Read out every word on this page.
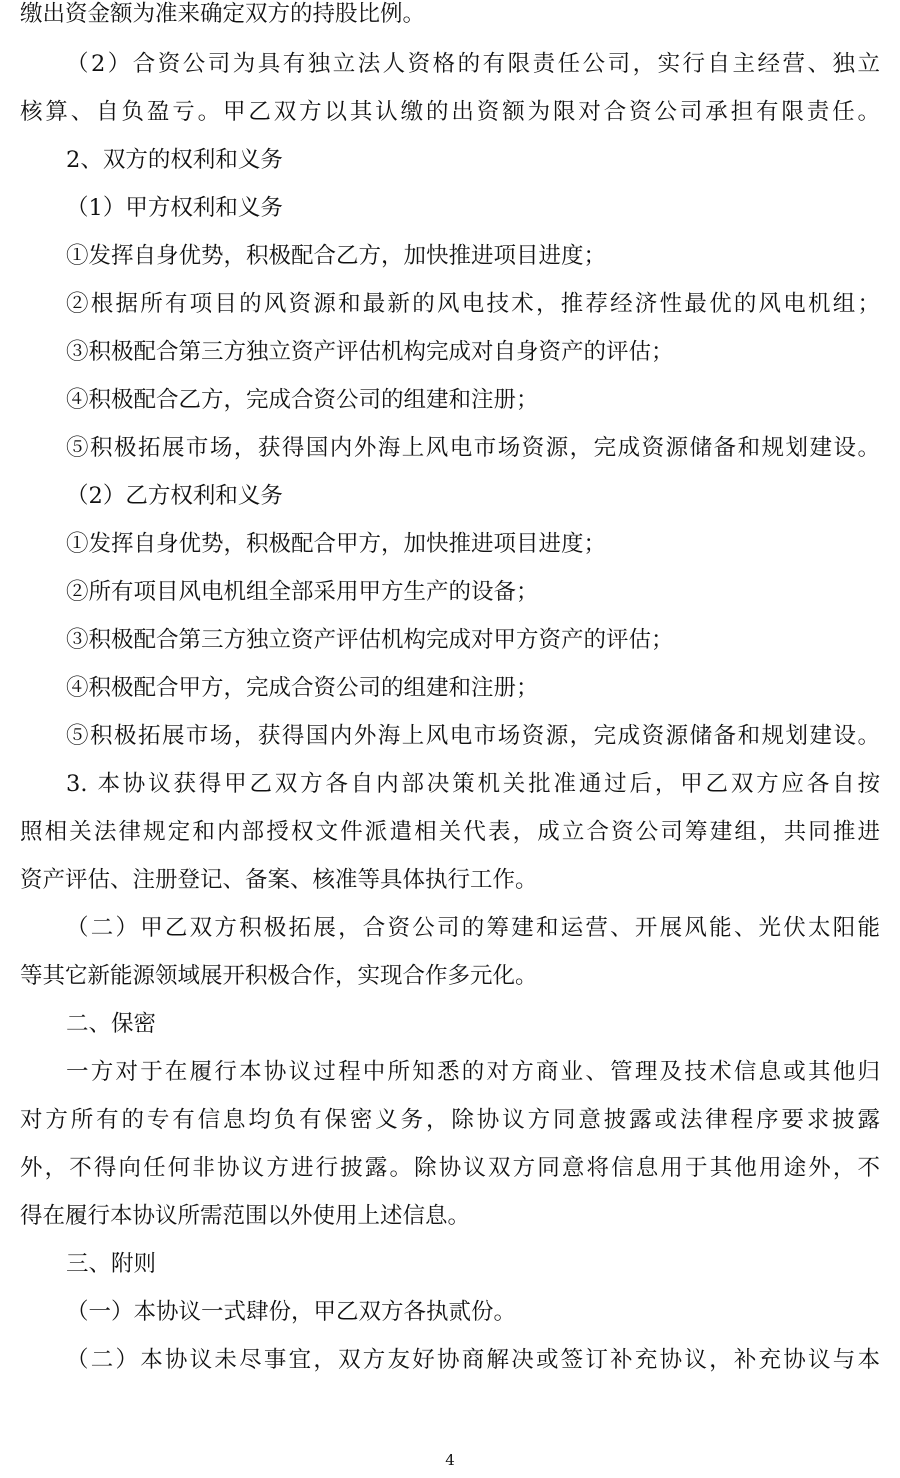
缴出资金额为准来确定双方的持股比例。
（2）合资公司为具有独立法人资格的有限责任公司，实行自主经营、独立
核算、自负盈亏。甲乙双方以其认缴的出资额为限对合资公司承担有限责任。
2、双方的权利和义务
（1）甲方权利和义务
①发挥自身优势，积极配合乙方，加快推进项目进度；
②根据所有项目的风资源和最新的风电技术，推荐经济性最优的风电机组；
③积极配合第三方独立资产评估机构完成对自身资产的评估；
④积极配合乙方，完成合资公司的组建和注册；
⑤积极拓展市场，获得国内外海上风电市场资源，完成资源储备和规划建设。
（2）乙方权利和义务
①发挥自身优势，积极配合甲方，加快推进项目进度；
②所有项目风电机组全部采用甲方生产的设备；
③积极配合第三方独立资产评估机构完成对甲方资产的评估；
④积极配合甲方，完成合资公司的组建和注册；
⑤积极拓展市场，获得国内外海上风电市场资源，完成资源储备和规划建设。
3. 本协议获得甲乙双方各自内部决策机关批准通过后，甲乙双方应各自按
照相关法律规定和内部授权文件派遣相关代表，成立合资公司筹建组，共同推进
资产评估、注册登记、备案、核准等具体执行工作。
（二）甲乙双方积极拓展，合资公司的筹建和运营、开展风能、光伏太阳能
等其它新能源领域展开积极合作，实现合作多元化。
二、保密
一方对于在履行本协议过程中所知悉的对方商业、管理及技术信息或其他归
对方所有的专有信息均负有保密义务，除协议方同意披露或法律程序要求披露
外，不得向任何非协议方进行披露。除协议双方同意将信息用于其他用途外，不
得在履行本协议所需范围以外使用上述信息。
三、附则
（一）本协议一式肆份，甲乙双方各执贰份。
（二）本协议未尽事宜，双方友好协商解决或签订补充协议，补充协议与本
4
